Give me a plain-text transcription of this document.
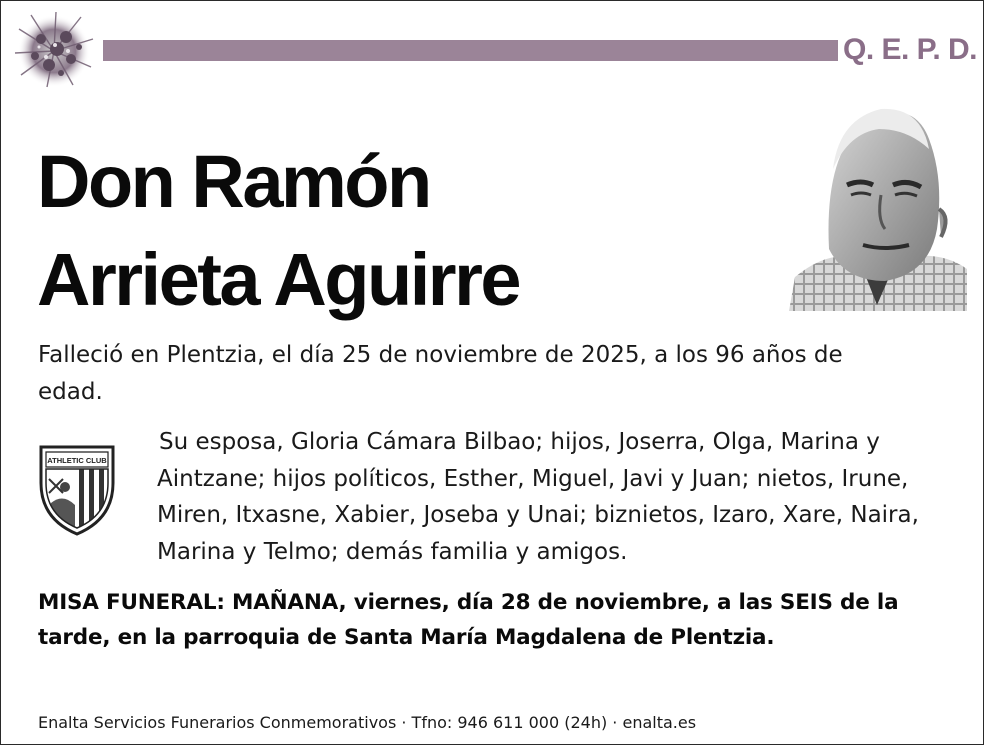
Q. E. P. D.
Don Ramón
Arrieta Aguirre
Falleció en Plentzia, el día 25 de noviembre de 2025, a los 96 años de edad.
ATHLETIC CLUB
Su esposa, Gloria Cámara Bilbao; hijos, Joserra, Olga, Marina y Aintzane; hijos políticos, Esther, Miguel, Javi y Juan; nietos, Irune, Miren, Itxasne, Xabier, Joseba y Unai; biznietos, Izaro, Xare, Naira, Marina y Telmo; demás familia y amigos.
MISA FUNERAL: MAÑANA, viernes, día 28 de noviembre, a las SEIS de la tarde, en la parroquia de Santa María Magdalena de Plentzia.
Enalta Servicios Funerarios Conmemorativos · Tfno: 946 611 000 (24h) · enalta.es
